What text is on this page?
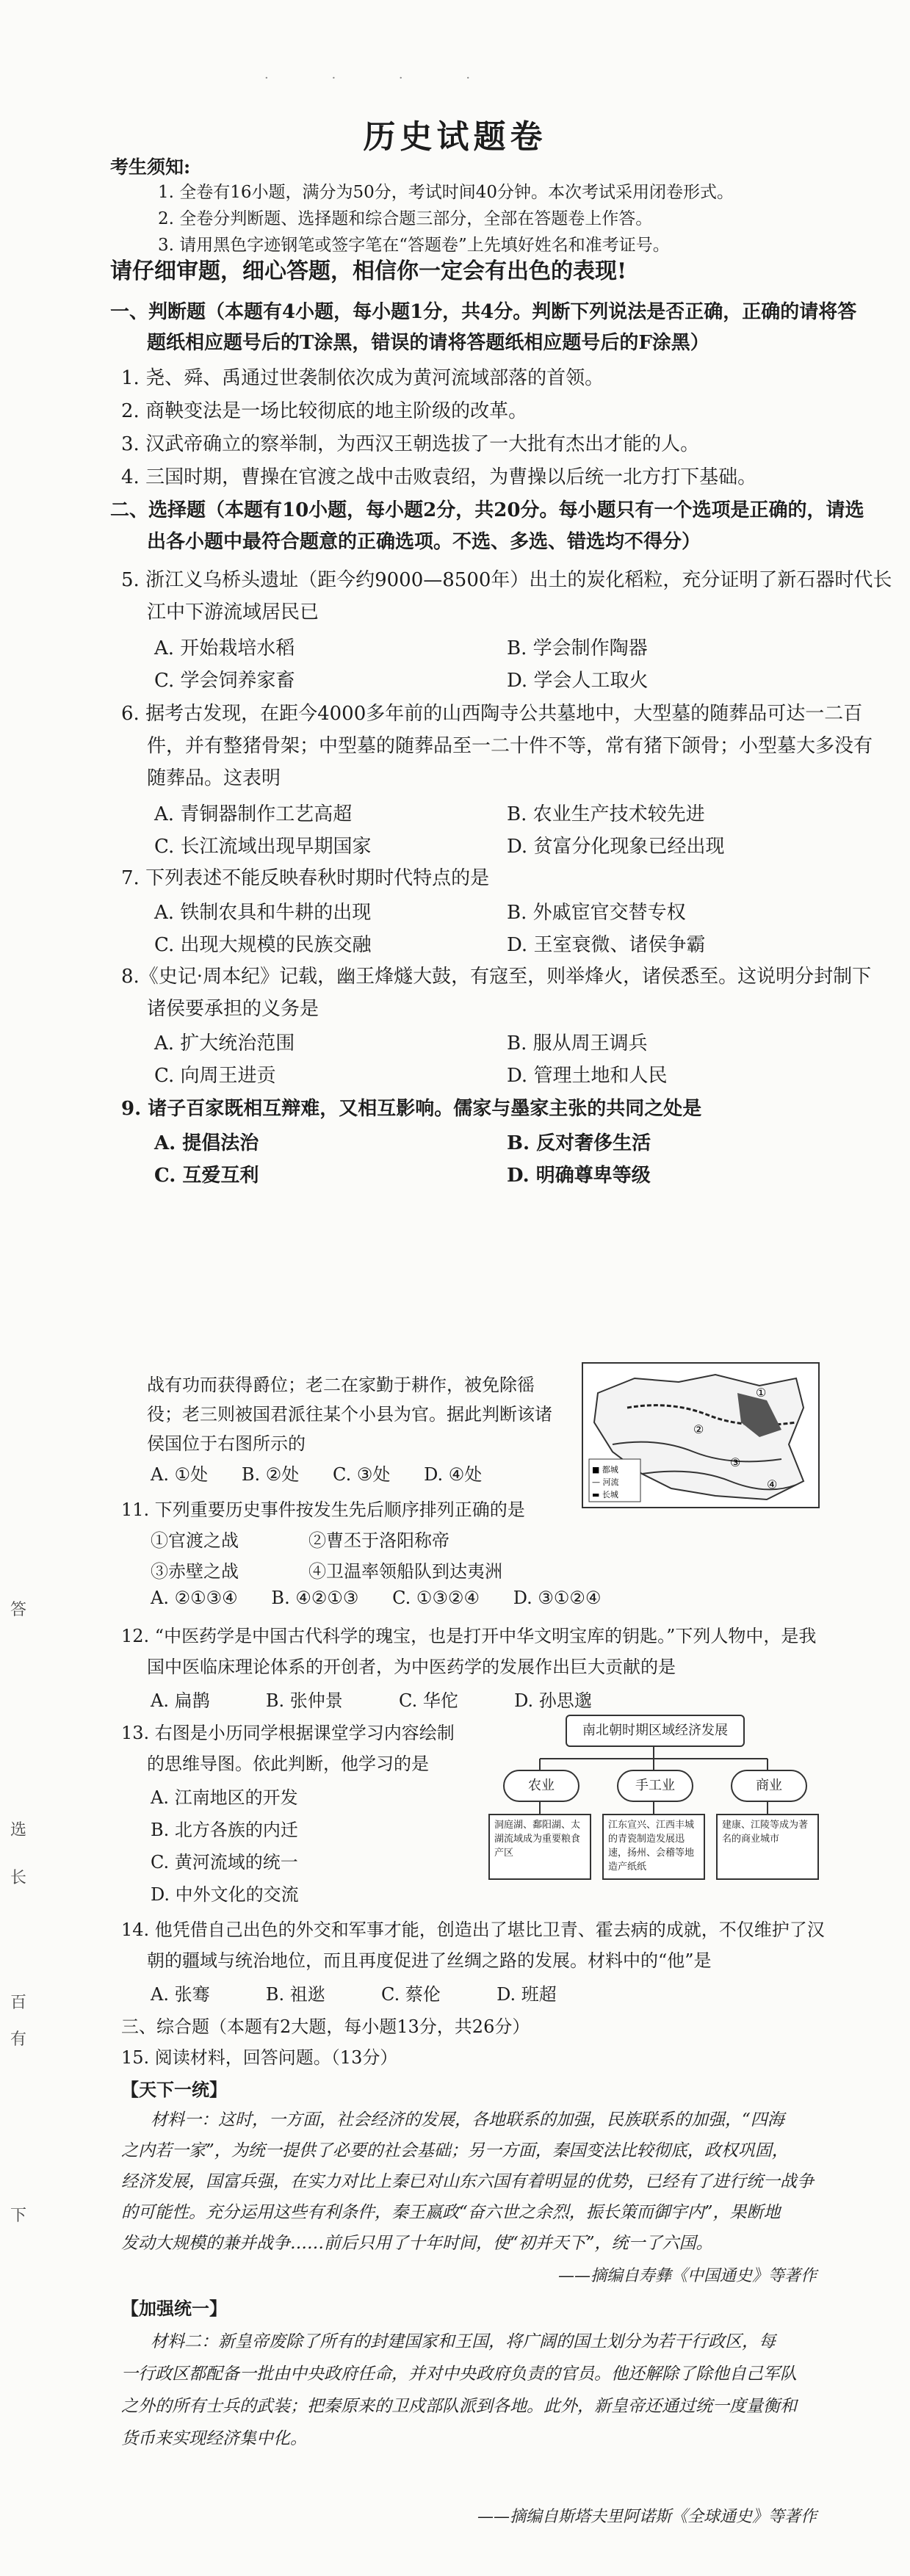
· · · ·
历史试题卷
考生须知:
1. 全卷有16小题，满分为50分，考试时间40分钟。本次考试采用闭卷形式。
2. 全卷分判断题、选择题和综合题三部分，全部在答题卷上作答。
3. 请用黑色字迹钢笔或签字笔在“答题卷”上先填好姓名和准考证号。
请仔细审题，细心答题，相信你一定会有出色的表现!
一、判断题（本题有4小题，每小题1分，共4分。判断下列说法是否正确，正确的请将答
题纸相应题号后的T涂黑，错误的请将答题纸相应题号后的F涂黑）
1. 尧、舜、禹通过世袭制依次成为黄河流域部落的首领。
2. 商鞅变法是一场比较彻底的地主阶级的改革。
3. 汉武帝确立的察举制，为西汉王朝选拔了一大批有杰出才能的人。
4. 三国时期，曹操在官渡之战中击败袁绍，为曹操以后统一北方打下基础。
二、选择题（本题有10小题，每小题2分，共20分。每小题只有一个选项是正确的，请选
出各小题中最符合题意的正确选项。不选、多选、错选均不得分）
5. 浙江义乌桥头遗址（距今约9000—8500年）出土的炭化稻粒，充分证明了新石器时代长
江中下游流域居民已
A. 开始栽培水稻	B. 学会制作陶器
C. 学会饲养家畜	D. 学会人工取火
6. 据考古发现，在距今4000多年前的山西陶寺公共墓地中，大型墓的随葬品可达一二百
件，并有整猪骨架；中型墓的随葬品至一二十件不等，常有猪下颌骨；小型墓大多没有
随葬品。这表明
A. 青铜器制作工艺高超	B. 农业生产技术较先进
C. 长江流域出现早期国家	D. 贫富分化现象已经出现
7. 下列表述不能反映春秋时期时代特点的是
A. 铁制农具和牛耕的出现	B. 外戚宦官交替专权
C. 出现大规模的民族交融	D. 王室衰微、诸侯争霸
8.《史记·周本纪》记载，幽王烽燧大鼓，有寇至，则举烽火，诸侯悉至。这说明分封制下
诸侯要承担的义务是
A. 扩大统治范围	B. 服从周王调兵
C. 向周王进贡	D. 管理土地和人民
9. 诸子百家既相互辩难，又相互影响。儒家与墨家主张的共同之处是
A. 提倡法治	B. 反对奢侈生活
C. 互爱互利	D. 明确尊卑等级
战有功而获得爵位；老二在家勤于耕作，被免除徭
役；老三则被国君派往某个小县为官。据此判断该诸
侯国位于右图所示的
A. ①处      B. ②处      C. ③处      D. ④处
①
②
③
④
■ 都城
— 河流
▬ 长城
11. 下列重要历史事件按发生先后顺序排列正确的是
①官渡之战	②曹丕于洛阳称帝
③赤壁之战	④卫温率领船队到达夷洲
A. ②①③④      B. ④②①③      C. ①③②④      D. ③①②④
12. “中医药学是中国古代科学的瑰宝，也是打开中华文明宝库的钥匙。”下列人物中，是我
国中医临床理论体系的开创者，为中医药学的发展作出巨大贡献的是
A. 扁鹊          B. 张仲景          C. 华佗          D. 孙思邈
13. 右图是小历同学根据课堂学习内容绘制
的思维导图。依此判断，他学习的是
A. 江南地区的开发
B. 北方各族的内迁
C. 黄河流域的统一
D. 中外文化的交流
南北朝时期区域经济发展
农业	手工业	商业
洞庭湖、鄱阳湖、太湖流域成为重要粮食产区
江东宣兴、江西丰城的青瓷制造发展迅速，扬州、会稽等地造产纸纸
建康、江陵等成为著名的商业城市
14. 他凭借自己出色的外交和军事才能，创造出了堪比卫青、霍去病的成就，不仅维护了汉
朝的疆域与统治地位，而且再度促进了丝绸之路的发展。材料中的“他”是
A. 张骞          B. 祖逖          C. 蔡伦          D. 班超
三、综合题（本题有2大题，每小题13分，共26分）
15. 阅读材料，回答问题。（13分）
【天下一统】
材料一：这时，一方面，社会经济的发展，各地联系的加强，民族联系的加强，“四海
之内若一家”，为统一提供了必要的社会基础；另一方面，秦国变法比较彻底，政权巩固，
经济发展，国富兵强，在实力对比上秦已对山东六国有着明显的优势，已经有了进行统一战争
的可能性。充分运用这些有利条件，秦王嬴政“奋六世之余烈，振长策而御宇内”，果断地
发动大规模的兼并战争……前后只用了十年时间，使“初并天下”，统一了六国。
——摘编自寿彝《中国通史》等著作
【加强统一】
材料二：新皇帝废除了所有的封建国家和王国，将广阔的国土划分为若干行政区，每
一行政区都配备一批由中央政府任命，并对中央政府负责的官员。他还解除了除他自己军队
之外的所有士兵的武装；把秦原来的卫戍部队派到各地。此外，新皇帝还通过统一度量衡和
货币来实现经济集中化。
——摘编自斯塔夫里阿诺斯《全球通史》等著作
答
选
长
百
有
下
